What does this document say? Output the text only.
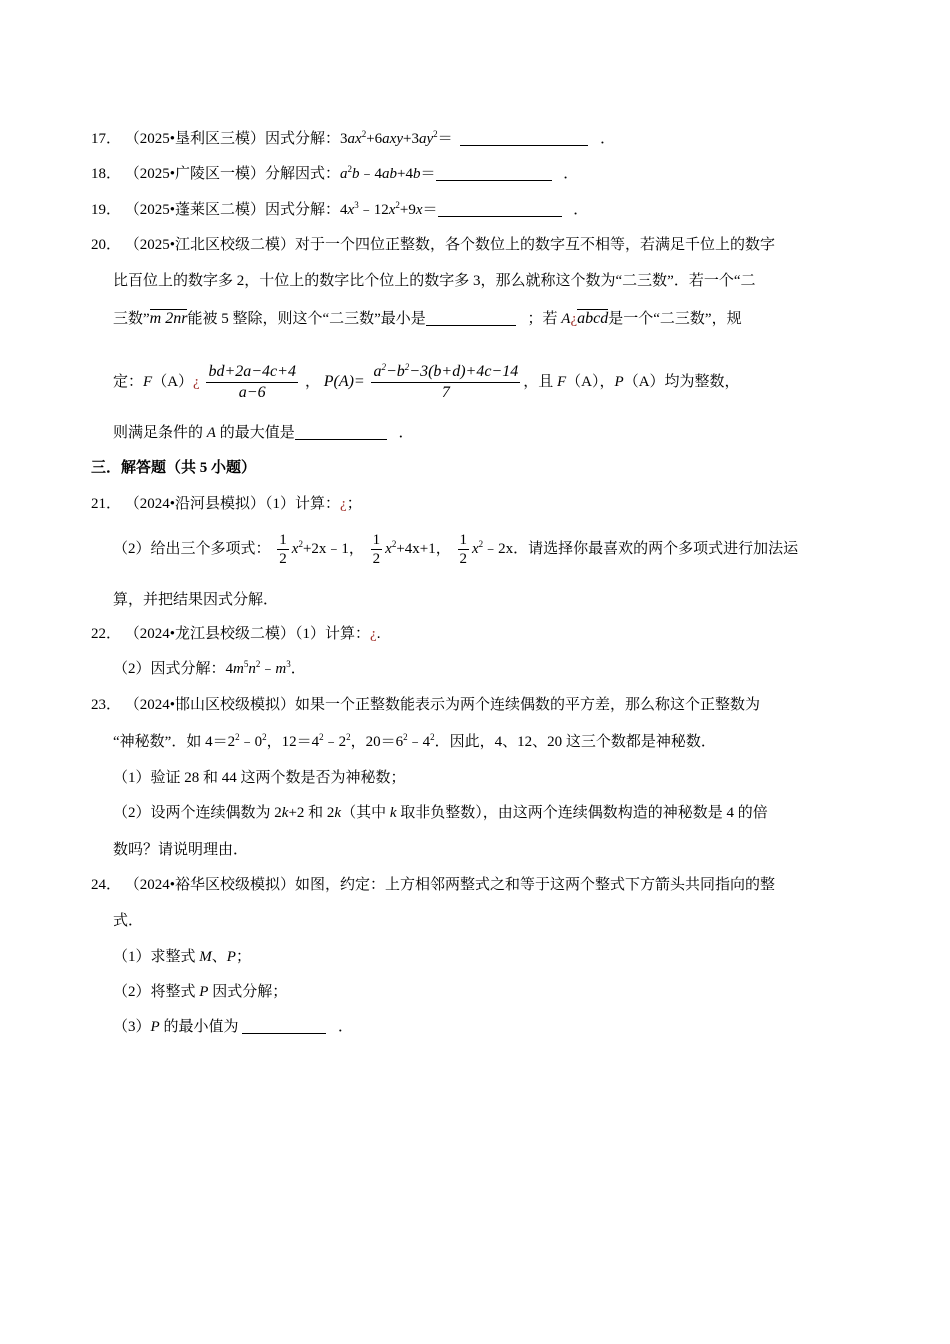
17． （2025•垦利区三模）因式分解：$3ax^2+6axy+3ay^2=$	．
18． （2025•广陵区一模）分解因式：$a^2b﹣4ab+4b=$	．
19． （2025•蓬莱区二模）因式分解：$4x^3﹣12x^2+9x=$	．
20． （2025•江北区校级二模）对于一个四位正整数，各个数位上的数字互不相等，若满足千位上的数字
比百位上的数字多 2，十位上的数字比个位上的数字多 3，那么就称这个数为“二三数”．若一个“二
三数”m 2nr能被 5 整除，则这个“二三数”最小是	；若 A¿abcd是一个“二三数”，规
定：F（A）¿ $\frac{bd+2a-4c+4}{a-6}$ ， $P(A)= \frac{a^2-b^2-3(b+d)+4c-14}{7}$ ，且 F（A），P（A）均为整数，
则满足条件的 A 的最大值是	．
三．解答题（共 5 小题）
21． （2024•沿河县模拟）（1）计算：¿；
（2）给出三个多项式： $\frac{1}{2}$ $x^2+2x﹣1$， $\frac{1}{2} x^2+4x+1$， $\frac{1}{2}$ $x^2﹣2x$．请选择你最喜欢的两个多项式进行加法运
算，并把结果因式分解．
22． （2024•龙江县校级二模）（1）计算：¿.
（2）因式分解：$4m^5n^2﹣m^3$．
23． （2024•邯山区校级模拟）如果一个正整数能表示为两个连续偶数的平方差，那么称这个正整数为
“神秘数”．如 $4=2^2﹣0^2$，$12=4^2﹣2^2$，$20=6^2﹣4^2$．因此，4、12、20 这三个数都是神秘数．
（1）验证 28 和 44 这两个数是否为神秘数；
（2）设两个连续偶数为 2k+2 和 2k（其中 k 取非负整数），由这两个连续偶数构造的神秘数是 4 的倍
数吗？请说明理由．
24． （2024•裕华区校级模拟）如图，约定：上方相邻两整式之和等于这两个整式下方箭头共同指向的整
式．
（1）求整式 M、P；
（2）将整式 P 因式分解；
（3）P 的最小值为	．
